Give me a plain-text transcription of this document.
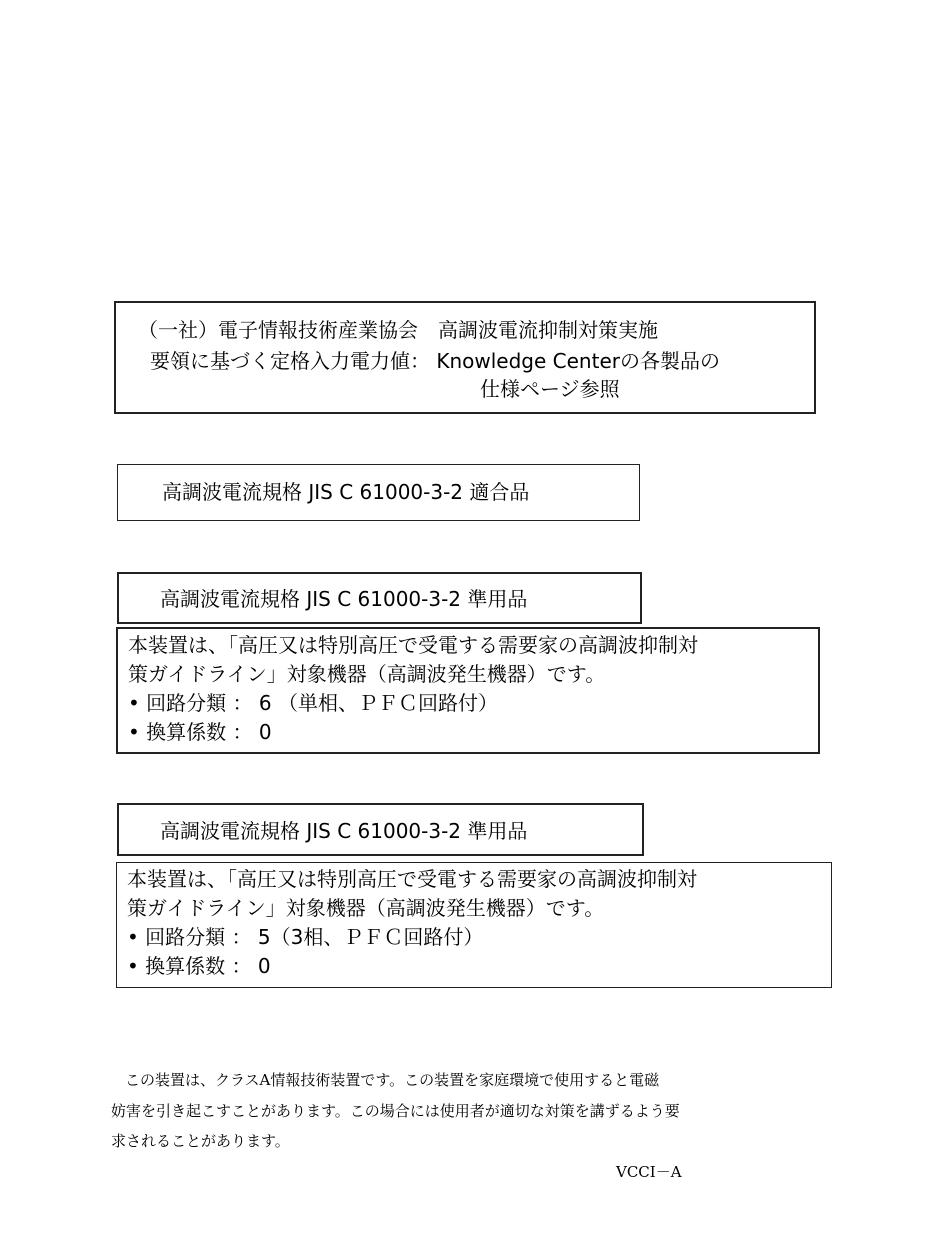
（一社）電子情報技術産業協会　高調波電流抑制対策実施
要領に基づく定格入力電力値： Knowledge Centerの各製品の
仕様ページ参照
高調波電流規格 JIS C 61000-3-2 適合品
高調波電流規格 JIS C 61000-3-2 準用品
本装置は、「高圧又は特別高圧で受電する需要家の高調波抑制対
策ガイドライン」対象機器（高調波発生機器）です。
• 回路分類 ： 6 （単相、ＰＦＣ回路付）
• 換算係数 ： 0
高調波電流規格 JIS C 61000-3-2 準用品
本装置は、「高圧又は特別高圧で受電する需要家の高調波抑制対
策ガイドライン」対象機器（高調波発生機器）です。
• 回路分類 ： 5（3相、ＰＦＣ回路付）
• 換算係数 ： 0
この装置は、クラスA情報技術装置です。この装置を家庭環境で使用すると電磁
妨害を引き起こすことがあります。この場合には使用者が適切な対策を講ずるよう要
求されることがあります。
VCCI－A
